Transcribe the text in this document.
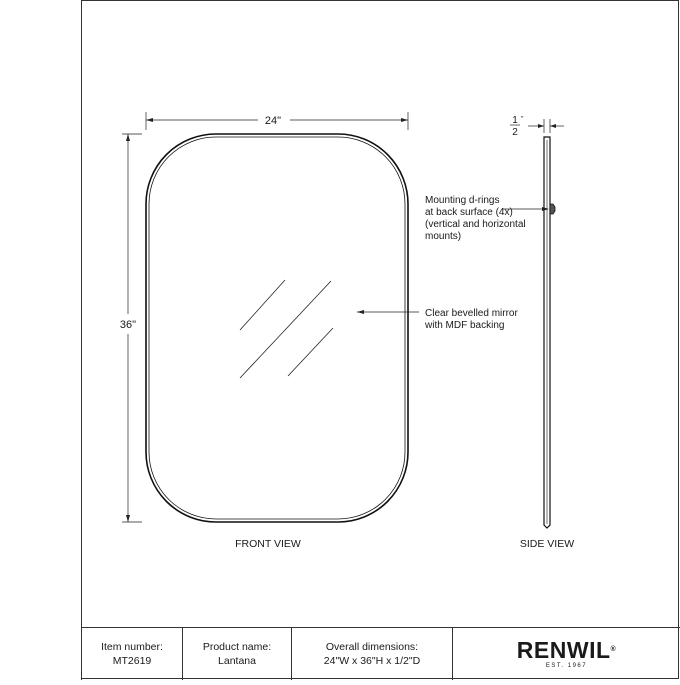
24"
36"
1 "
2
Mounting d-rings
at back surface (4x)
(vertical and horizontal
mounts)
Clear bevelled mirror
with MDF backing
FRONT VIEW	SIDE VIEW
Item number:
MT2619
Product name:
Lantana
Overall dimensions:
24"W x 36"H x 1/2"D	RENWIL®
EST. 1967
